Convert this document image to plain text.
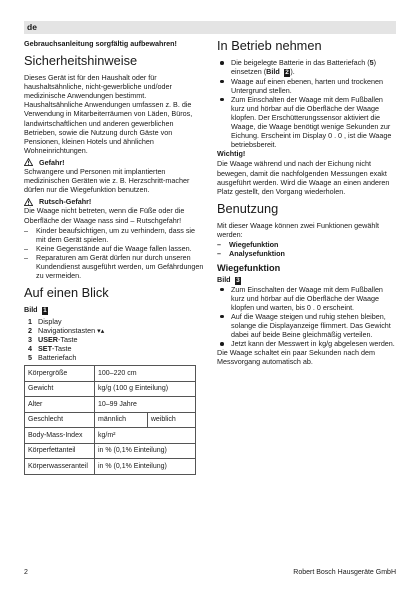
de

Gebrauchsanleitung sorgfältig aufbewahren!

Sicherheitshinweise

Dieses Gerät ist für den Haushalt oder für haushaltsähnliche, nicht-gewerbliche und/oder medizinische Anwendungen bestimmt. Haushaltsähnliche Anwendungen umfassen z. B. die Verwendung in Mitarbeiterräumen von Läden, Büros, landwirtschaftlichen und anderen gewerblichen Betrieben, sowie die Nutzung durch Gäste von Pensionen, kleinen Hotels und ähnlichen Wohneinrichtungen.

Gefahr!

Schwangere und Personen mit implantierten medizinischen Geräten wie z. B. Herzschritt-macher dürfen nur die Wiegefunktion benutzen.

Rutsch-Gefahr!

Die Waage nicht betreten, wenn die Füße oder die Oberfläche der Waage nass sind – Rutschgefahr!

– Kinder beaufsichtigen, um zu verhindern, dass sie mit dem Gerät spielen.
– Keine Gegenstände auf die Waage fallen lassen.
– Reparaturen am Gerät dürfen nur durch unseren Kundendienst ausgeführt werden, um Gefährdungen zu vermeiden.
Auf einen Blick
Bild 1
1 Display
2 Navigationstasten ▾▴
3 USER-Taste
4 SET-Taste
5 Batteriefach
Körpergröße	100–220 cm	
Gewicht	kg/g (100 g Einteilung)	
Alter	10–99 Jahre	
Geschlecht	männlich	weiblich
Body-Mass-Index	kg/m²	
Körperfettanteil	in % (0,1% Einteilung)	
Körperwasseranteil	in % (0,1% Einteilung)	
In Betrieb nehmen
Die beigelegte Batterie in das Batteriefach (5) einsetzen (Bild 2 ).
Waage auf einen ebenen, harten und trockenen Untergrund stellen.
Zum Einschalten der Waage mit dem Fußballen kurz und hörbar auf die Oberfläche der Waage klopfen. Der Erschütterungssensor aktiviert die Waage, die Waage benötigt wenige Sekunden zur Eichung. Erscheint im Display 0 . 0 , ist die Waage betriebsbereit.

Wichtig!

Die Waage während und nach der Eichung nicht bewegen, damit die nachfolgenden Messungen exakt ausgeführt werden. Wird die Waage an einen anderen Platz gestellt, den Vorgang wiederholen.

Benutzung

Mit dieser Waage können zwei Funktionen gewählt werden:

– Wiegefunktion
– Analysefunktion
Wiegefunktion
Bild 3
Zum Einschalten der Waage mit dem Fußballen kurz und hörbar auf die Oberfläche der Waage klopfen und warten, bis 0 . 0 erscheint.
Auf die Waage steigen und ruhig stehen bleiben, solange die Displayanzeige flimmert. Das Gewicht dabei auf beide Beine gleichmäßig verteilen.
Jetzt kann der Messwert in kg/g abgelesen werden.

Die Waage schaltet ein paar Sekunden nach dem Messvorgang automatisch ab.

2	Robert Bosch Hausgeräte GmbH
